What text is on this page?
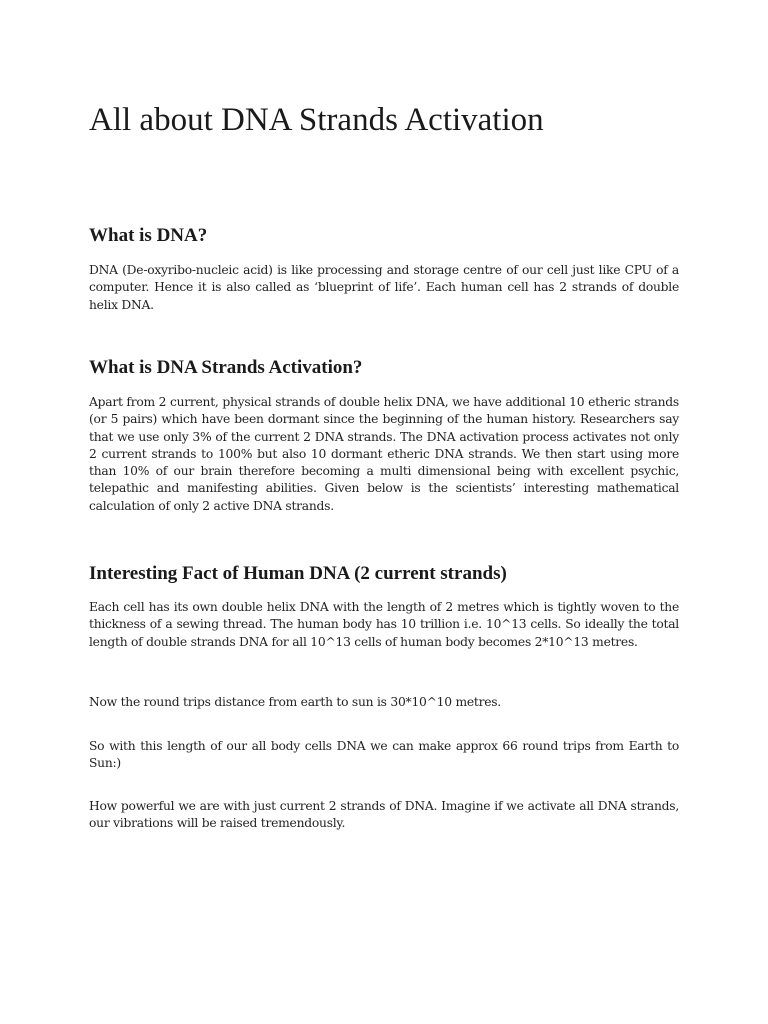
All about DNA Strands Activation
What is DNA?

DNA (De-oxyribo-nucleic acid) is like processing and storage centre of our cell just like CPU of a computer. Hence it is also called as ‘blueprint of life’. Each human cell has 2 strands of double helix DNA.

What is DNA Strands Activation?

Apart from 2 current, physical strands of double helix DNA, we have additional 10 etheric strands (or 5 pairs) which have been dormant since the beginning of the human history. Researchers say that we use only 3% of the current 2 DNA strands. The DNA activation process activates not only 2 current strands to 100% but also 10 dormant etheric DNA strands. We then start using more than 10% of our brain therefore becoming a multi dimensional being with excellent psychic, telepathic and manifesting abilities. Given below is the scientists’ interesting mathematical calculation of only 2 active DNA strands.

Interesting Fact of Human DNA (2 current strands)

Each cell has its own double helix DNA with the length of 2 metres which is tightly woven to the thickness of a sewing thread. The human body has 10 trillion i.e. 10^13 cells. So ideally the total length of double strands DNA for all 10^13 cells of human body becomes 2*10^13 metres.

Now the round trips distance from earth to sun is 30*10^10 metres.

So with this length of our all body cells DNA we can make approx 66 round trips from Earth to Sun:)

How powerful we are with just current 2 strands of DNA. Imagine if we activate all DNA strands, our vibrations will be raised tremendously.
